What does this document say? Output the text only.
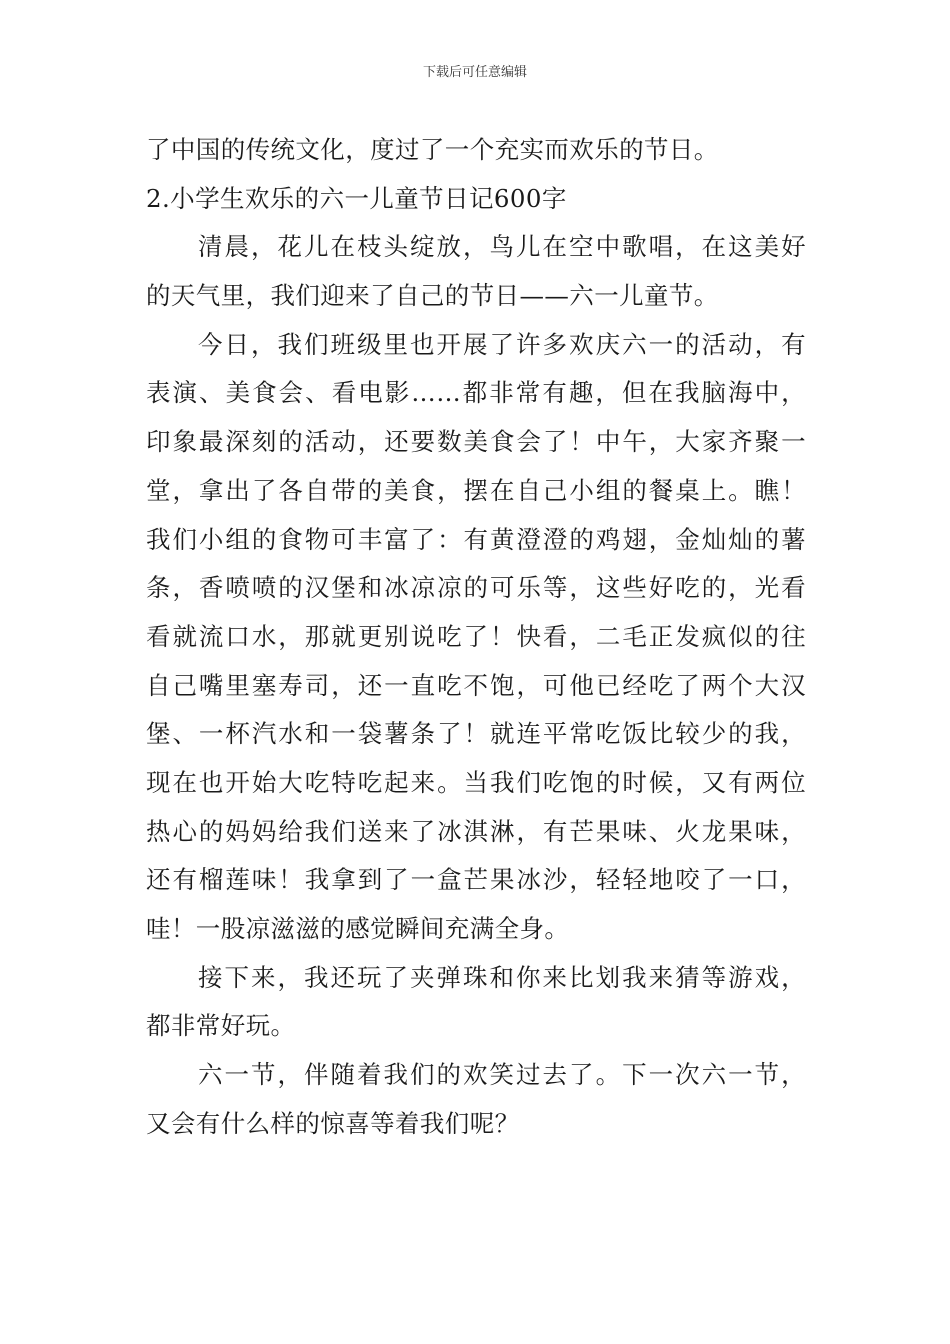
下载后可任意编辑
了中国的传统文化，度过了一个充实而欢乐的节日。
2.小学生欢乐的六一儿童节日记600字
清晨，花儿在枝头绽放，鸟儿在空中歌唱，在这美好
的天气里，我们迎来了自己的节日——六一儿童节。
今日，我们班级里也开展了许多欢庆六一的活动，有
表演、美食会、看电影……都非常有趣，但在我脑海中，
印象最深刻的活动，还要数美食会了！中午，大家齐聚一
堂，拿出了各自带的美食，摆在自己小组的餐桌上。瞧！
我们小组的食物可丰富了：有黄澄澄的鸡翅，金灿灿的薯
条，香喷喷的汉堡和冰凉凉的可乐等，这些好吃的，光看
看就流口水，那就更别说吃了！快看，二毛正发疯似的往
自己嘴里塞寿司，还一直吃不饱，可他已经吃了两个大汉
堡、一杯汽水和一袋薯条了！就连平常吃饭比较少的我，
现在也开始大吃特吃起来。当我们吃饱的时候，又有两位
热心的妈妈给我们送来了冰淇淋，有芒果味、火龙果味，
还有榴莲味！我拿到了一盒芒果冰沙，轻轻地咬了一口，
哇！一股凉滋滋的感觉瞬间充满全身。
接下来，我还玩了夹弹珠和你来比划我来猜等游戏，
都非常好玩。
六一节，伴随着我们的欢笑过去了。下一次六一节，
又会有什么样的惊喜等着我们呢？
